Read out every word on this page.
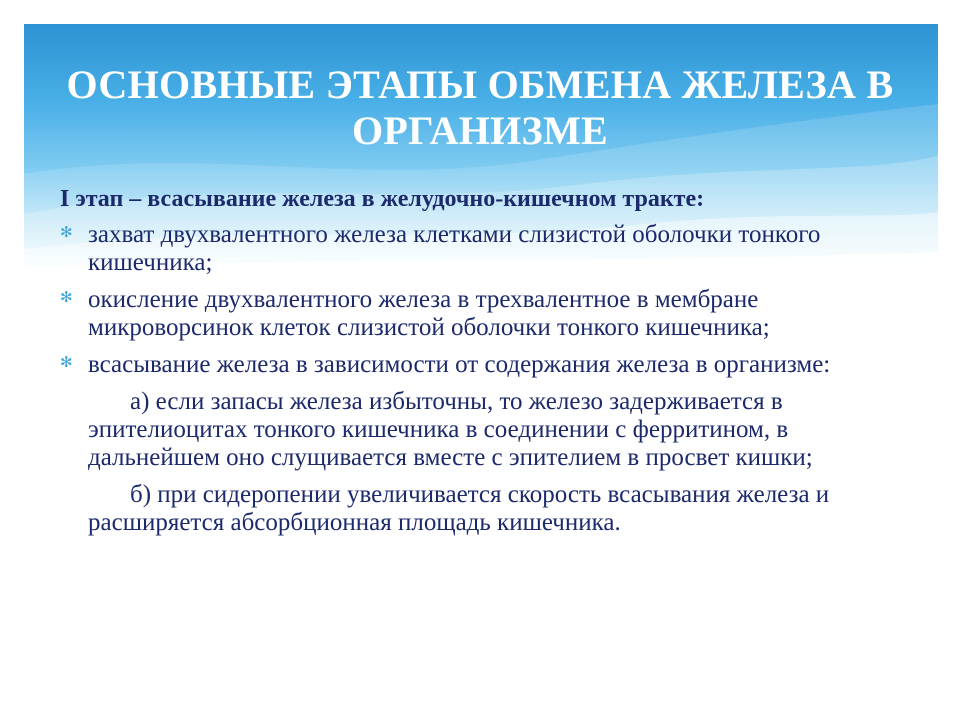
ОСНОВНЫЕ ЭТАПЫ ОБМЕНА ЖЕЛЕЗА В ОРГАНИЗМЕ

I этап – всасывание железа в желудочно-кишечном тракте:

✻ захват двухвалентного железа клетками слизистой оболочки тонкого кишечника;
✻ окисление двухвалентного железа в трехвалентное в мембране микроворсинок клеток слизистой оболочки тонкого кишечника;
✻ всасывание железа в зависимости от содержания железа в организме:

а) если запасы железа избыточны, то железо задерживается в эпителиоцитах тонкого кишечника в соединении с ферритином, в дальнейшем оно слущивается вместе с эпителием в просвет кишки;

б) при сидеропении увеличивается скорость всасывания железа и расширяется абсорбционная площадь кишечника.
